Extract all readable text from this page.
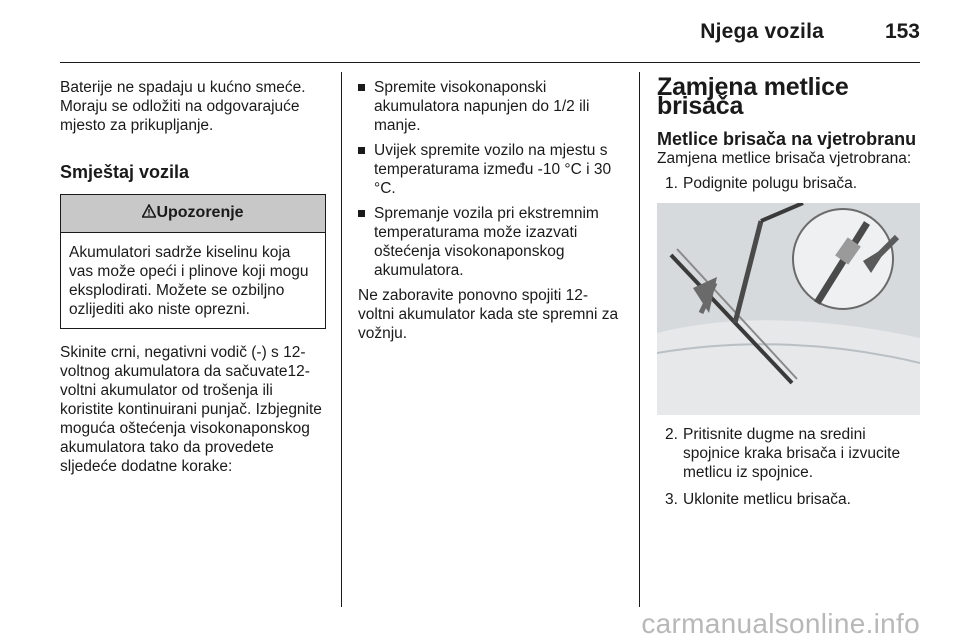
Njega vozila	153

Baterije ne spadaju u kućno smeće. Moraju se odložiti na odgovarajuće mjesto za prikupljanje.

Smještaj vozila

Upozorenje

Akumulatori sadrže kiselinu koja vas može opeći i plinove koji mogu eksplodirati. Možete se ozbiljno ozlijediti ako niste oprezni.

Skinite crni, negativni vodič (-) s 12-voltnog akumulatora da sačuvate12-voltni akumulator od trošenja ili koristite kontinuirani punjač. Izbjegnite moguća oštećenja visokonaponskog akumulatora tako da provedete sljedeće dodatne korake:

Spremite visokonaponski akumulatora napunjen do 1/2 ili manje.
Uvijek spremite vozilo na mjestu s temperaturama između -10 °C i 30 °C.
Spremanje vozila pri ekstremnim temperaturama može izazvati oštećenja visokonaponskog akumulatora.

Ne zaboravite ponovno spojiti 12-voltni akumulator kada ste spremni za vožnju.

Zamjena metlice brisača

Metlice brisača na vjetrobranu

Zamjena metlice brisača vjetrobrana:

1. Podignite polugu brisača.
2. Pritisnite dugme na sredini spojnice kraka brisača i izvucite metlicu iz spojnice.
3. Uklonite metlicu brisača.
carmanualsonline.info
